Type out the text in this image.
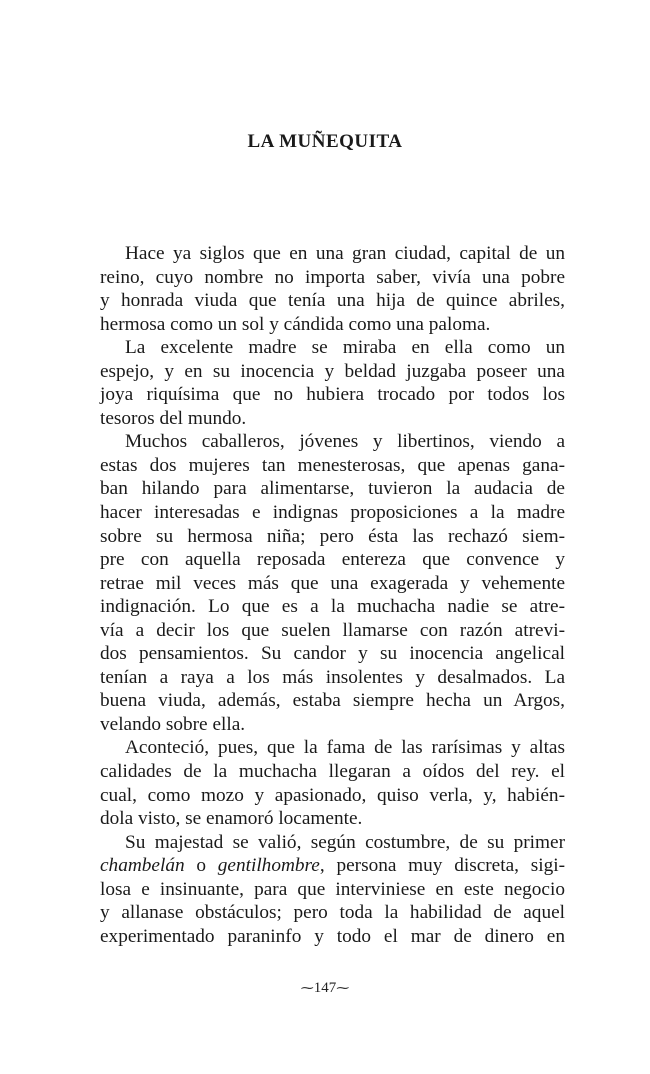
LA MUÑEQUITA
Hace ya siglos que en una gran ciudad, capital de un
reino, cuyo nombre no importa saber, vivía una pobre
y honrada viuda que tenía una hija de quince abriles,
hermosa como un sol y cándida como una paloma.
La excelente madre se miraba en ella como un
espejo, y en su inocencia y beldad juzgaba poseer una
joya riquísima que no hubiera trocado por todos los
tesoros del mundo.
Muchos caballeros, jóvenes y libertinos, viendo a
estas dos mujeres tan menesterosas, que apenas gana-
ban hilando para alimentarse, tuvieron la audacia de
hacer interesadas e indignas proposiciones a la madre
sobre su hermosa niña; pero ésta las rechazó siem-
pre con aquella reposada entereza que convence y
retrae mil veces más que una exagerada y vehemente
indignación. Lo que es a la muchacha nadie se atre-
vía a decir los que suelen llamarse con razón atrevi-
dos pensamientos. Su candor y su inocencia angelical
tenían a raya a los más insolentes y desalmados. La
buena viuda, además, estaba siempre hecha un Argos,
velando sobre ella.
Aconteció, pues, que la fama de las rarísimas y altas
calidades de la muchacha llegaran a oídos del rey. el
cual, como mozo y apasionado, quiso verla, y, habién-
dola visto, se enamoró locamente.
Su majestad se valió, según costumbre, de su primer
chambelán o gentilhombre, persona muy discreta, sigi-
losa e insinuante, para que interviniese en este negocio
y allanase obstáculos; pero toda la habilidad de aquel
experimentado paraninfo y todo el mar de dinero en
⁓147⁓
